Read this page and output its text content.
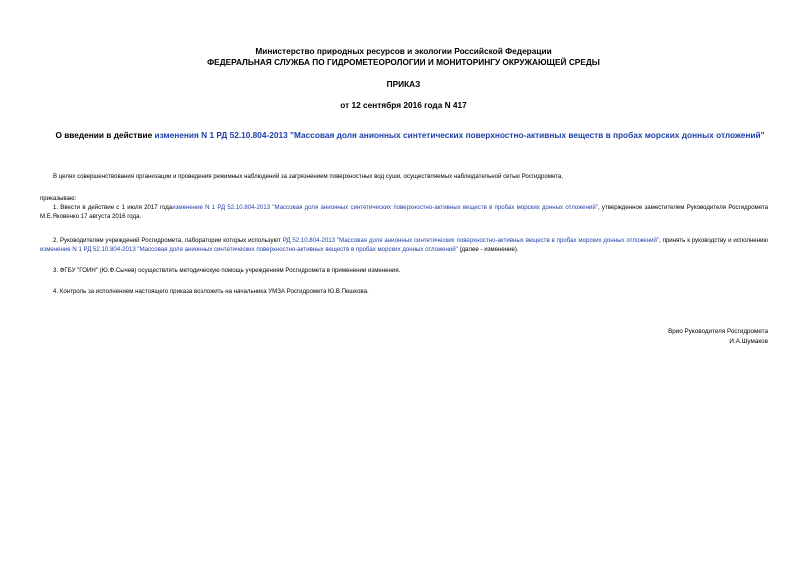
Министерство природных ресурсов и экологии Российской Федерации
ФЕДЕРАЛЬНАЯ СЛУЖБА ПО ГИДРОМЕТЕОРОЛОГИИ И МОНИТОРИНГУ ОКРУЖАЮЩЕЙ СРЕДЫ
ПРИКАЗ
от 12 сентября 2016 года N 417
О введении в действие изменения N 1 РД 52.10.804-2013 "Массовая доля анионных синтетических поверхностно-активных веществ в пробах морских донных отложений"
В целях совершенствования организации и проведения режимных наблюдений за загрязнением поверхностных вод суши, осуществляемых наблюдательной сетью Росгидромета,
приказываю:
1. Ввести в действие с 1 июля 2017 годаизменение N 1 РД 52.10.804-2013 "Массовая доля анионных синтетических поверхностно-активных веществ в пробах морских донных отложений", утвержденное заместителем Руководителя Росгидромета М.Е.Яковенко 17 августа 2016 года.
2. Руководителям учреждений Росгидромета, лаборатории которых используют РД 52.10.804-2013 "Массовая доля анионных синтетических поверхностно-активных веществ в пробах морских донных отложений", принять к руководству и исполнению изменение N 1 РД 52.10.804-2013 "Массовая доля анионных синтетических поверхностно-активных веществ в пробах морских донных отложений" (далее - изменение).
3. ФГБУ "ГОИН" (Ю.Ф.Сычев) осуществлять методическую помощь учреждениям Росгидромета в применении изменения.
4. Контроль за исполнением настоящего приказа возложить на начальника УМЗА Росгидромета Ю.В.Пешкова.
Врио Руководителя Росгидромета
И.А.Шумаков
